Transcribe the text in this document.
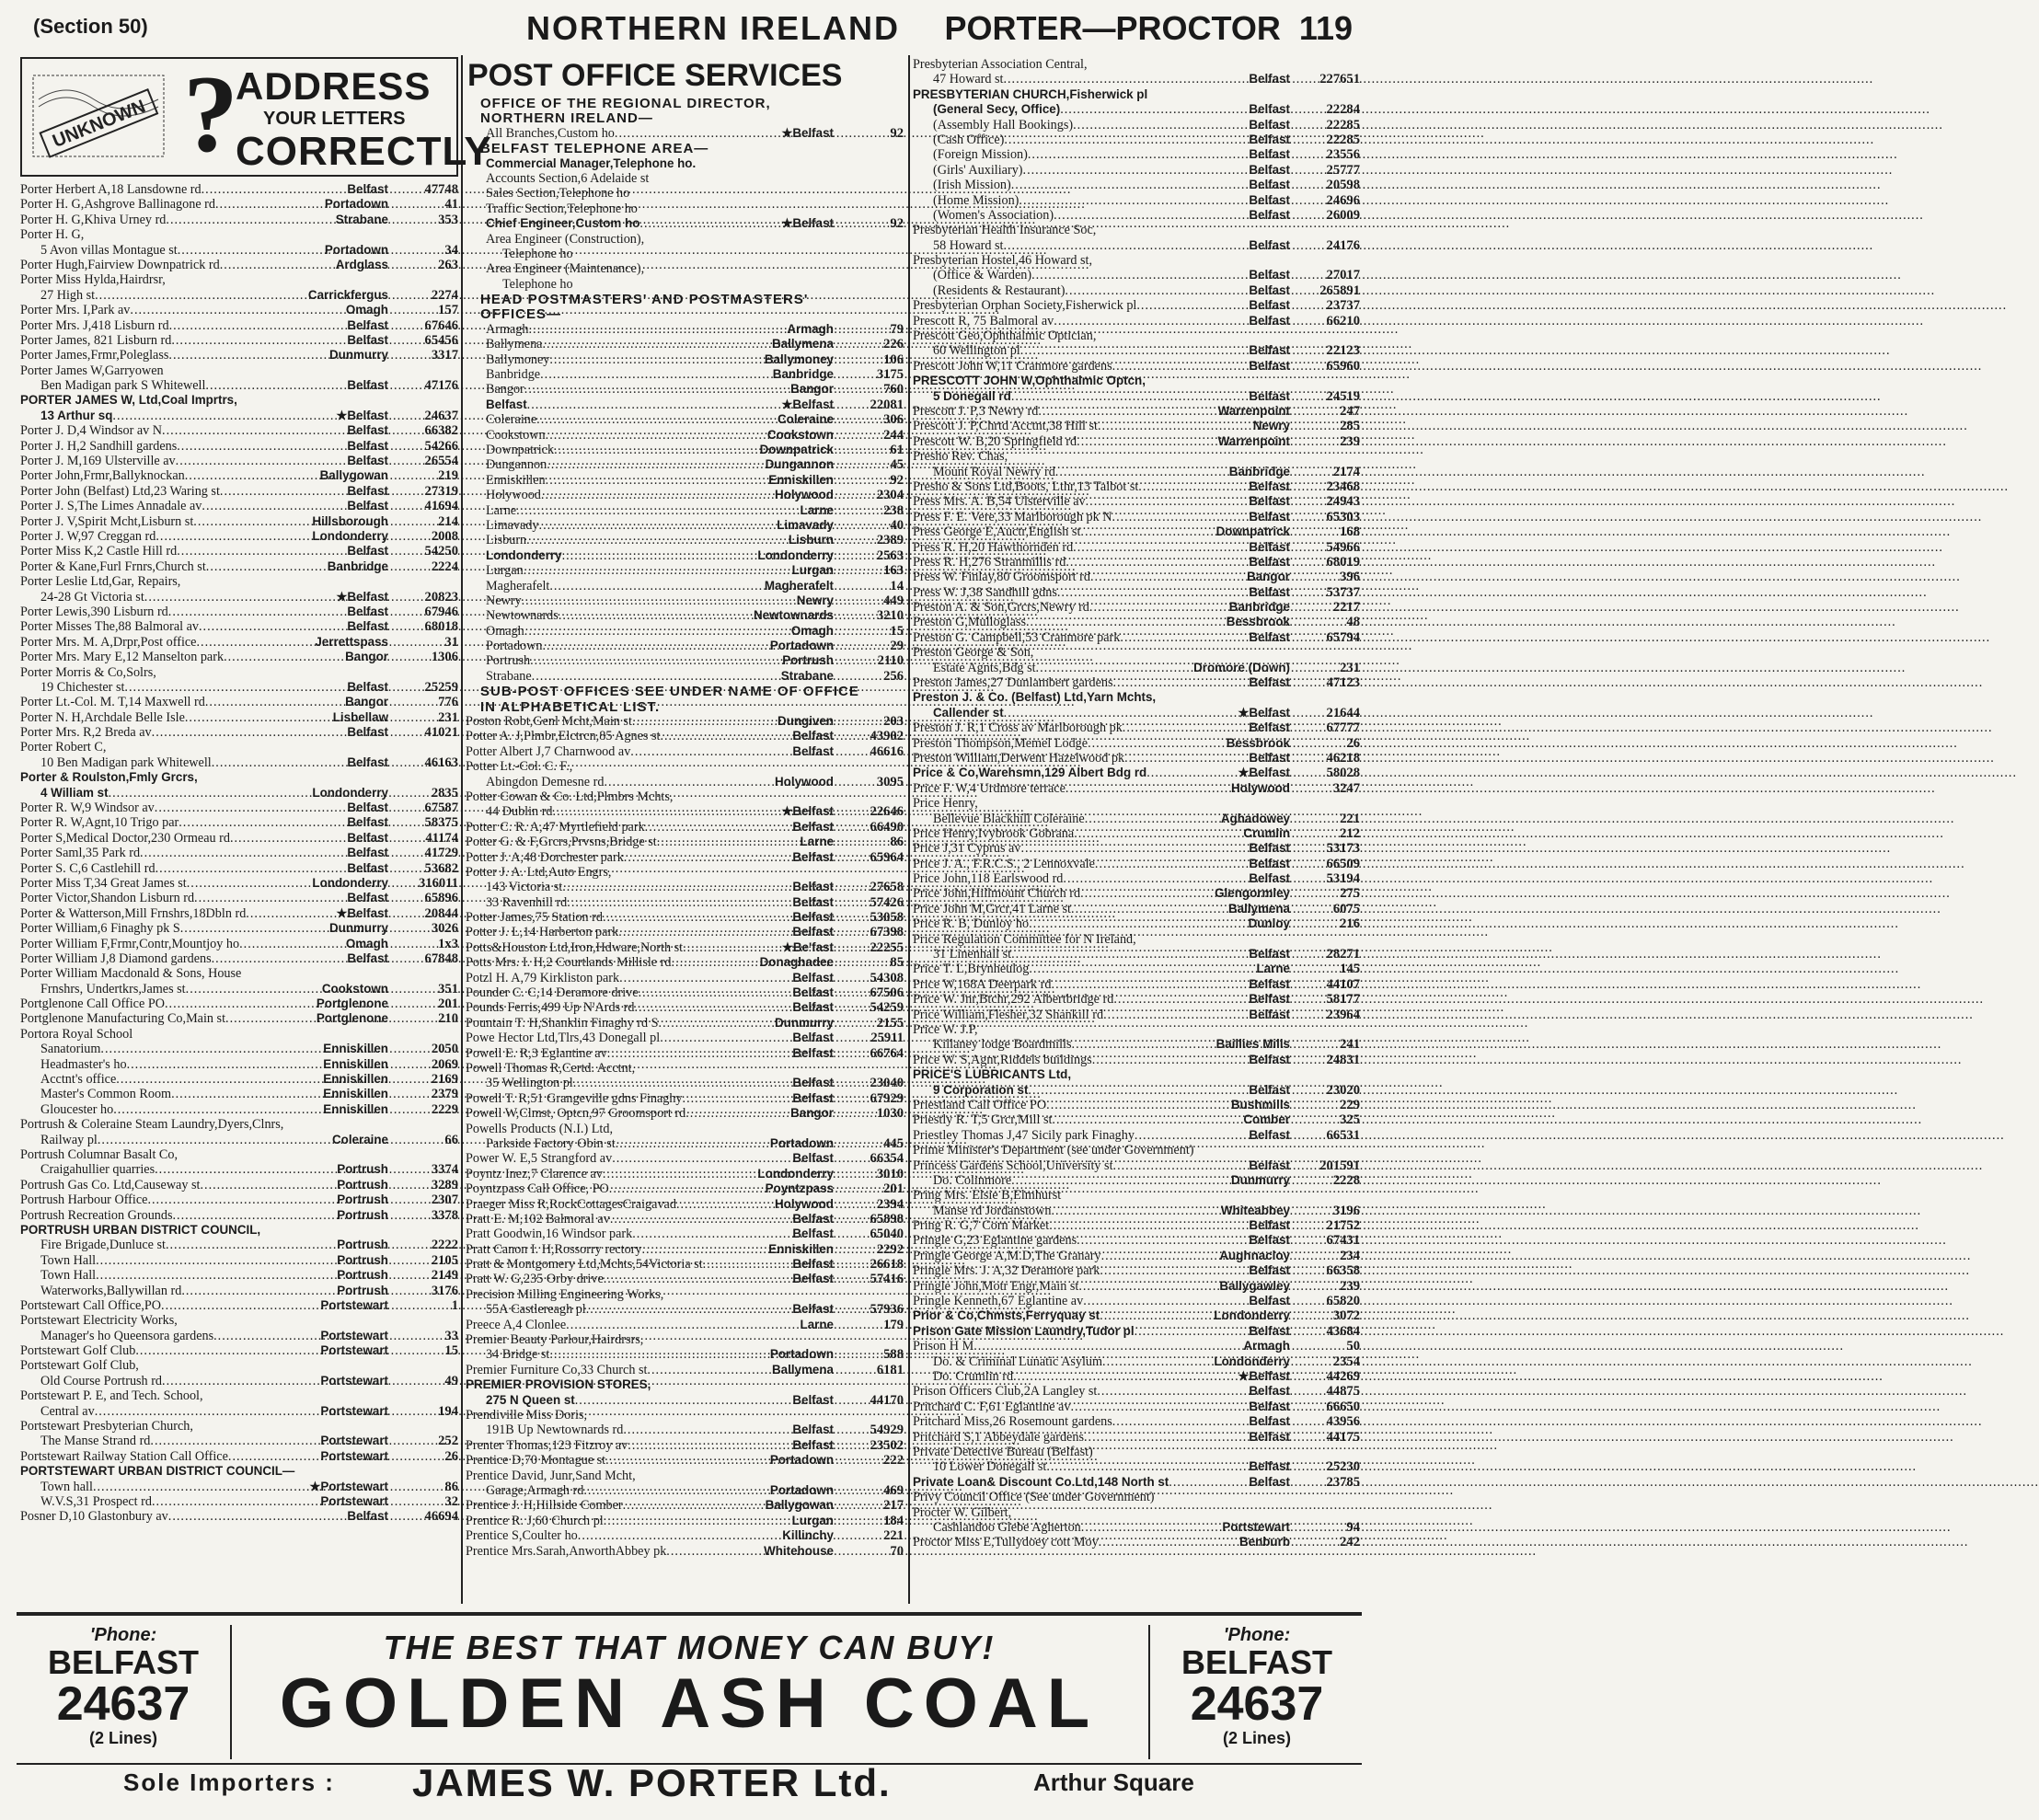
(Section 50)	NORTHERN IRELAND PORTER—PROCTOR 119
UNKNOWN ?
ADDRESS
YOUR LETTERS
CORRECTLY
Porter Herbert A,18 Lansdowne rd .....	Belfast	47748
Porter H. G,Ashgrove Ballinagone rd .....	Portadown	41
Porter H. G,Khiva Urney rd .....	Strabane	353
Porter H. G,
5 Avon villas Montague st .....	Portadown	34
Porter Hugh,Fairview Downpatrick rd .....	Ardglass	263
Porter Miss Hylda,Hairdrsr,
27 High st .....	Carrickfergus	2274
Porter Mrs. I,Park av .....	Omagh	157
Porter Mrs. J,418 Lisburn rd .....	Belfast	67646
Porter James, 821 Lisburn rd .....	Belfast	65456
Porter James,Frmr,Poleglass .....	Dunmurry	3317
Porter James W,Garryowen
Ben Madigan park S Whitewell .....	Belfast	47176
PORTER JAMES W, Ltd,Coal Imprtrs,
13 Arthur sq .....	★Belfast	24637
Porter J. D,4 Windsor av N .....	Belfast	66382
Porter J. H,2 Sandhill gardens .....	Belfast	54266
Porter J. M,169 Ulsterville av .....	Belfast	26554
Porter John,Frmr,Ballyknockan .....	Ballygowan	219
Porter John (Belfast) Ltd,23 Waring st .....	Belfast	27319
Porter J. S,The Limes Annadale av .....	Belfast	41694
Porter J. V,Spirit Mcht,Lisburn st .....	Hillsborough	214
Porter J. W,97 Creggan rd .....	Londonderry	2008
Porter Miss K,2 Castle Hill rd .....	Belfast	54250
Porter & Kane,Furl Frnrs,Church st .....	Banbridge	2224
Porter Leslie Ltd,Gar, Repairs,
24-28 Gt Victoria st .....	★Belfast	20823
Porter Lewis,390 Lisburn rd .....	Belfast	67946
Porter Misses The,88 Balmoral av .....	Belfast	68018
Porter Mrs. M. A,Drpr,Post office .....	Jerrettspass	31
Porter Mrs. Mary E,12 Manselton park .....	Bangor	1306
Porter Morris & Co,Solrs,
19 Chichester st .....	Belfast	25259
Porter Lt.-Col. M. T,14 Maxwell rd .....	Bangor	776
Porter N. H,Archdale Belle Isle .....	Lisbellaw	231
Porter Mrs. R,2 Breda av .....	Belfast	41021
Porter Robert C,
10 Ben Madigan park Whitewell .....	Belfast	46163
Porter & Roulston,Fmly Grcrs,
4 William st .....	Londonderry	2835
Porter R. W,9 Windsor av .....	Belfast	67587
Porter R. W,Agnt,10 Trigo par .....	Belfast	58375
Porter S,Medical Doctor,230 Ormeau rd .....	Belfast	41174
Porter Saml,35 Park rd .....	Belfast	41729
Porter S. C,6 Castlehill rd .....	Belfast	53682
Porter Miss T,34 Great James st .....	Londonderry	316011
Porter Victor,Shandon Lisburn rd .....	Belfast	65896
Porter & Watterson,Mill Frnshrs,18Dbln rd .....	★Belfast	20844
Porter William,6 Finaghy pk S .....	Dunmurry	3026
Porter William F,Frmr,Contr,Mountjoy ho .....	Omagh	1x3
Porter William J,8 Diamond gardens .....	Belfast	67848
Porter William Macdonald & Sons, House
Frnshrs, Undertkrs,James st .....	Cookstown	351
Portglenone Call Office PO .....	Portglenone	201
Portglenone Manufacturing Co,Main st .....	Portglenone	210
Portora Royal School
Sanatorium .....	Enniskillen	2050
Headmaster's ho .....	Enniskillen	2069
Acctnt's office .....	Enniskillen	2169
Master's Common Room .....	Enniskillen	2379
Gloucester ho .....	Enniskillen	2229
Portrush & Coleraine Steam Laundry,Dyers,Clnrs,
Railway pl .....	Coleraine	66
Portrush Columnar Basalt Co,
Craigahullier quarries .....	Portrush	3374
Portrush Gas Co. Ltd,Causeway st .....	Portrush	3289
Portrush Harbour Office .....	Portrush	2307
Portrush Recreation Grounds .....	Portrush	3378
PORTRUSH URBAN DISTRICT COUNCIL,
Fire Brigade,Dunluce st .....	Portrush	2222
Town Hall .....	Portrush	2105
Town Hall .....	Portrush	2149
Waterworks,Ballywillan rd .....	Portrush	3176
Portstewart Call Office,PO .....	Portstewart	1
Portstewart Electricity Works,
Manager's ho Queensora gardens .....	Portstewart	33
Portstewart Golf Club .....	Portstewart	15
Portstewart Golf Club,
Old Course Portrush rd .....	Portstewart	49
Portstewart P. E, and Tech. School,
Central av .....	Portstewart	194
Portstewart Presbyterian Church,
The Manse Strand rd .....	Portstewart	252
Portstewart Railway Station Call Office .....	Portstewart	26
PORTSTEWART URBAN DISTRICT COUNCIL—
Town hall .....	★Portstewart	86
W.V.S,31 Prospect rd .....	Portstewart	32
Posner D,10 Glastonbury av .....	Belfast	46694
POST OFFICE SERVICES
OFFICE OF THE REGIONAL DIRECTOR,
NORTHERN IRELAND—
All Branches,Custom ho .....	★Belfast	92
BELFAST TELEPHONE AREA—
Commercial Manager,Telephone ho.
Accounts Section,6 Adelaide st
Sales Section,Telephone ho
Traffic Section,Telephone ho
Chief Engineer,Custom ho .....	★Belfast	92
Area Engineer (Construction),
Telephone ho
Area Engineer (Maintenance),
Telephone ho
HEAD POSTMASTERS' AND POSTMASTERS'
OFFICES—
Armagh .....	Armagh	79
Ballymena .....	Ballymena	226
Ballymoney .....	Ballymoney	106
Banbridge .....	Banbridge	3175
Bangor .....	Bangor	760
Belfast .....	★Belfast	22081
Coleraine .....	Coleraine	306
Cookstown .....	Cookstown	244
Downpatrick .....	Downpatrick	61
Dungannon .....	Dungannon	45
Enniskillen .....	Enniskillen	92
Holywood .....	Holywood	2304
Larne .....	Larne	238
Limavady .....	Limavady	40
Lisburn .....	Lisburn	2389
Londonderry .....	Londonderry	2563
Lurgan .....	Lurgan	163
Magherafelt .....	Magherafelt	14
Newry .....	Newry	449
Newtownards .....	Newtownards	3210
Omagh .....	Omagh	15
Portadown .....	Portadown	29
Portrush .....	Portrush	2110
Strabane .....	Strabane	256
SUB-POST OFFICES SEE UNDER NAME OF OFFICE
IN ALPHABETICAL LIST.
Poston Robt,Genl Mcht,Main st .....	Dungiven	203
Potter A. J,Plmbr,Elctrcn,85 Agnes st .....	Belfast	43902
Potter Albert J,7 Charnwood av .....	Belfast	46616
Potter Lt.-Col. C. F.,
Abingdon Demesne rd .....	Holywood	3095
Potter Cowan & Co. Ltd,Plmbrs Mchts,
44 Dublin rd .....	★Belfast	22646
Potter C. R. A,47 Myrtlefield park .....	Belfast	66490
Potter G. & F,Grcrs,Prvsns,Bridge st .....	Larne	86
Potter J. A,48 Dorchester park .....	Belfast	65964
Potter J. A. Ltd,Auto Engrs,
143 Victoria st .....	Belfast	27658
33 Ravenhill rd .....	Belfast	57426
Potter James,75 Station rd .....	Belfast	53058
Potter J. L,14 Harberton park .....	Belfast	67398
Potts&Houston Ltd,Iron,Hdware,North st .....	★Be'fast	22255
Potts Mrs. I. H,2 Courtlands Millisle rd .....	Donaghadee	85
Potzl H. A,79 Kirkliston park .....	Belfast	54308
Pounder C. C,14 Deramore drive .....	Belfast	67506
Pounds Ferris,499 Up N'Ards rd .....	Belfast	54259
Pountain T. H,Shanklin Finaghy rd S .....	Dunmurry	2155
Powe Hector Ltd,Tlrs,43 Donegall pl .....	Belfast	25911
Powell E. R,3 Eglantine av .....	Belfast	66764
Powell Thomas R,Certd. Acctnt,
35 Wellington pl .....	Belfast	23040
Powell T. R,51 Grangeville gdns Finaghy .....	Belfast	67929
Powell W,Clmst, Optcn,97 Groomsport rd .....	Bangor	1030
Powells Products (N.I.) Ltd,
Parkside Factory Obin st .....	Portadown	445
Power W. E,5 Strangford av .....	Belfast	66354
Poyntz Inez,7 Clarence av .....	Londonderry	3010
Poyntzpass Call Office, PO .....	Poyntzpass	201
Praeger Miss R,RockCottagesCraigavad .....	Holywood	2394
Pratt E. M,102 Balmoral av .....	Belfast	65898
Pratt Goodwin,16 Windsor park .....	Belfast	65040
Pratt Canon I. H,Rossorry rectory .....	Enniskillen	2292
Pratt & Montgomery Ltd,Mchts,54Victoria st .....	Belfast	26618
Pratt W. G,235 Orby drive .....	Belfast	57416
Precision Milling Engineering Works,
55A Castlereagh pl .....	Belfast	57936
Preece A,4 Clonlee .....	Larne	179
Premier Beauty Parlour,Hairdrsrs,
34 Bridge st .....	Portadown	588
Premier Furniture Co,33 Church st .....	Ballymena	6181
PREMIER PROVISION STORES,
275 N Queen st .....	Belfast	44170
Prendiville Miss Doris,
191B Up Newtownards rd .....	Belfast	54929
Prenter Thomas,123 Fitzroy av .....	Belfast	23502
Prentice D,70 Montague st .....	Portadown	222
Prentice David, Junr,Sand Mcht,
Garage,Armagh rd .....	Portadown	469
Prentice J. H,Hillside Comber .....	Ballygowan	217
Prentice R. J,60 Church pl .....	Lurgan	184
Prentice S,Coulter ho .....	Killinchy	221
Prentice Mrs.Sarah,AnworthAbbey pk .....	Whitehouse	70
Presbyterian Association Central,
47 Howard st .....	Belfast	227651
PRESBYTERIAN CHURCH,Fisherwick pl
(General Secy, Office) .....	Belfast	22284
(Assembly Hall Bookings) .....	Belfast	22285
(Cash Office) .....	Belfast	22285
(Foreign Mission) .....	Belfast	23556
(Girls' Auxiliary) .....	Belfast	25777
(Irish Mission) .....	Belfast	20598
(Home Mission) .....	Belfast	24696
(Women's Association) .....	Belfast	26009
Presbyterian Health Insurance Soc,
58 Howard st .....	Belfast	24176
Presbyterian Hostel,46 Howard st,
(Office & Warden) .....	Belfast	27017
(Residents & Restaurant) .....	Belfast	265891
Presbyterian Orphan Society,Fisherwick pl .....	Belfast	23737
Prescott R, 75 Balmoral av .....	Belfast	66210
Prescott Geo,Ophthalmic Optician,
60 Wellington pl .....	Belfast	22123
Prescott John W,11 Cranmore gardens .....	Belfast	65960
PRESCOTT JOHN W,Ophthalmic Optcn,
5 Donegall rd .....	Belfast	24519
Prescott J. P,3 Newry rd .....	Warrenpoint	247
Prescott J. P,Chrtd Acctnt,38 Hill st .....	Newry	285
Prescott W. B,20 Springfield rd .....	Warrenpoint	239
Presho Rev. Chas,
Mount Royal Newry rd .....	Banbridge	2174
Presho & Sons Ltd,Boots, Lthr,13 Talbot st .....	Belfast	23468
Press Mrs. A. B,54 Ulsterville av .....	Belfast	24943
Press F. E. Vere,33 Marlborough pk N .....	Belfast	65303
Press George E,Auctr,English st .....	Downpatrick	168
Press R. H,20 Hawthornden rd .....	Belfast	54966
Press R. H,276 Stranmillis rd .....	Belfast	68019
Press W. Finlay,80 Groomsport rd .....	Bangor	396
Press W. J,38 Sandhill gdns .....	Belfast	53737
Preston A. & Son,Grcrs,Newry rd .....	Banbridge	2217
Preston G,Mulloglass .....	Bessbrook	48
Preston G. Campbell,53 Cranmore park .....	Belfast	65794
Preston George & Son,
Estate Agnts,Bdg st .....	Dromore (Down)	231
Preston James,27 Dunlambert gardens .....	Belfast	47123
Preston J. & Co. (Belfast) Ltd,Yarn Mchts,
Callender st .....	★Belfast	21644
Preston J. R,1 Cross av Marlborough pk .....	Belfast	67777
Preston Thompson,Memel Lodge .....	Bessbrook	26
Preston William,Derwent Hazelwood pk .....	Belfast	46218
Price & Co,Warehsmn,129 Albert Bdg rd .....	★Belfast	58028
Price F. W,4 Urdmore terrace .....	Holywood	3247
Price Henry,
Bellevue Blackhill Coleraine .....	Aghadowey	221
Price Henry,Ivybrook Gobrana .....	Crumlin	212
Price J,31 Cyprus av .....	Belfast	53173
Price J. A., F.R.C.S., 2 Lennoxvale .....	Belfast	66509
Price John,118 Earlswood rd .....	Belfast	53194
Price John,Hillmount Church rd .....	Glengormley	275
Price John M,Grcr,41 Larne st .....	Ballymena	6075
Price R. B, Dunloy ho .....	Dunloy	216
Price Regulation Committee for N Ireland,
31 Linenhall st .....	Belfast	28271
Price T. L,Brynheulog .....	Larne	145
Price W,168A Deerpark rd .....	Belfast	44107
Price W. Jnr,Btchr,292 Albertbridge rd .....	Belfast	58177
Price William,Flesher,32 Shankill rd .....	Belfast	23964
Price W. J.P,
Killaney lodge Boardmills .....	Baillies Mills	241
Price W. S,Agnt,Riddels buildings .....	Belfast	24831
PRICE'S LUBRICANTS Ltd,
9 Corporation st .....	Belfast	23020
Priestland Call Office PO .....	Bushmills	229
Priestly R. T,5 Grcr,Mill st .....	Comber	325
Priestley Thomas J,47 Sicily park Finaghy .....	Belfast	66531
Prime Minister's Department (see under Government)
Princess Gardens School,University st .....	Belfast	201591
Do. Colinmore .....	Dunmurry	2228
Pring Mrs. Elsie B,Elmhurst
Manse rd Jordanstown .....	Whiteabbey	3196
Pring R. G,7 Corn Market .....	Belfast	21752
Pringle G,23 Eglantine gardens .....	Belfast	67431
Pringle George A,M.D,The Granary .....	Aughnacloy	234
Pringle Mrs. J. A,32 Deramore park .....	Belfast	66358
Pringle John,Motr Engr,Main st .....	Ballygawley	239
Pringle Kenneth,67 Eglantine av .....	Belfast	65820
Prior & Co,Chmsts,Ferryquay st .....	Londonderry	3072
Prison Gate Mission Laundry,Tudor pl .....	Belfast	43684
Prison H M .....	Armagh	50
Do. & Criminal Lunatic Asylum .....	Londonderry	2354
Do. Crumlin rd .....	★Belfast	44269
Prison Officers Club,2A Langley st .....	Belfast	44875
Pritchard C. F,61 Eglantine av .....	Belfast	66650
Pritchard Miss,26 Rosemount gardens .....	Belfast	43956
Pritchard S,1 Abbeydale gardens .....	Belfast	44175
Private Detective Bureau (Belfast)
10 Lower Donegall st .....	Belfast	25230
Private Loan& Discount Co.Ltd,148 North st .....	Belfast	23785
Privy Council Office (See under Government)
Procter W. Gilbert,
Cashlandoo Glebe Agherton .....	Portstewart	94
Proctor Miss E,Tullydoey cott Moy .....	Benburb	242
'Phone:
BELFAST
24637
(2 Lines)
THE BEST THAT MONEY CAN BUY!
GOLDEN ASH COAL
'Phone:
BELFAST
24637
(2 Lines)
Sole Importers : JAMES W. PORTER Ltd.	Arthur Square
